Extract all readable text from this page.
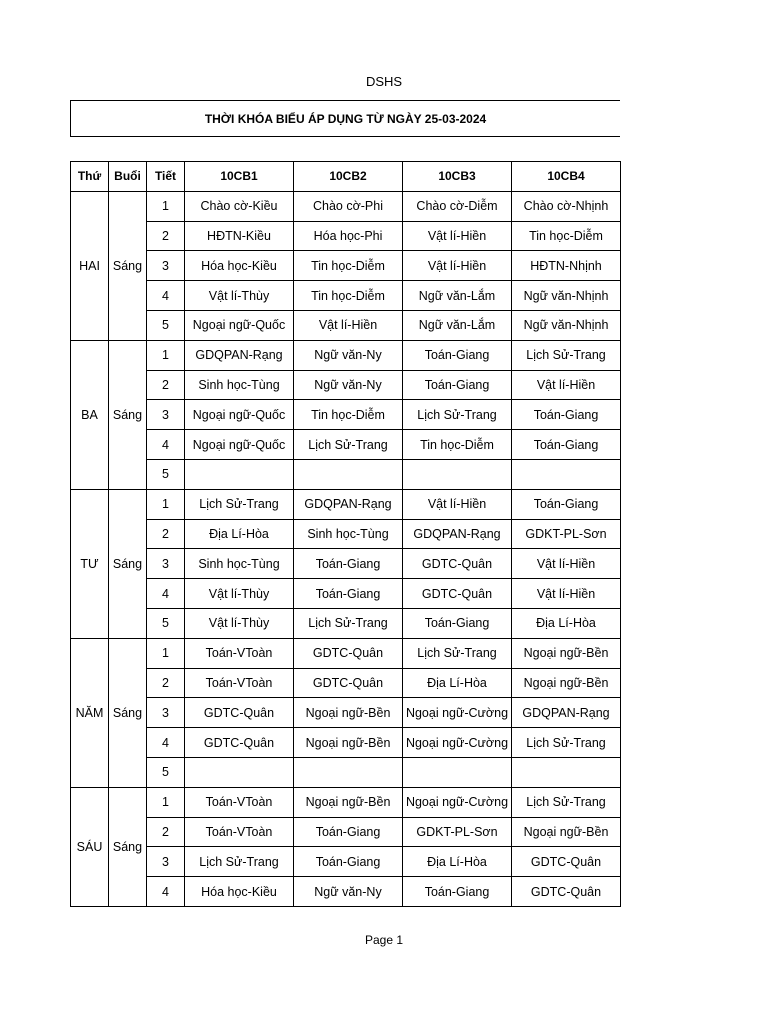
DSHS
THỜI KHÓA BIỂU ÁP DỤNG TỪ NGÀY 25-03-2024
Thứ	Buổi	Tiết	10CB1	10CB2	10CB3	10CB4
HAI	Sáng	1	Chào cờ-Kiều	Chào cờ-Phi	Chào cờ-Diễm	Chào cờ-Nhịnh
		2	HĐTN-Kiều	Hóa học-Phi	Vật lí-Hiền	Tin học-Diễm
		3	Hóa học-Kiều	Tin học-Diễm	Vật lí-Hiền	HĐTN-Nhịnh
		4	Vật lí-Thùy	Tin học-Diễm	Ngữ văn-Lắm	Ngữ văn-Nhịnh
		5	Ngoại ngữ-Quốc	Vật lí-Hiền	Ngữ văn-Lắm	Ngữ văn-Nhịnh
BA	Sáng	1	GDQPAN-Rạng	Ngữ văn-Ny	Toán-Giang	Lịch Sử-Trang
		2	Sinh học-Tùng	Ngữ văn-Ny	Toán-Giang	Vật lí-Hiền
		3	Ngoại ngữ-Quốc	Tin học-Diễm	Lịch Sử-Trang	Toán-Giang
		4	Ngoại ngữ-Quốc	Lịch Sử-Trang	Tin học-Diễm	Toán-Giang
		5				
TƯ	Sáng	1	Lịch Sử-Trang	GDQPAN-Rạng	Vật lí-Hiền	Toán-Giang
		2	Địa Lí-Hòa	Sinh học-Tùng	GDQPAN-Rạng	GDKT-PL-Sơn
		3	Sinh học-Tùng	Toán-Giang	GDTC-Quân	Vật lí-Hiền
		4	Vật lí-Thùy	Toán-Giang	GDTC-Quân	Vật lí-Hiền
		5	Vật lí-Thùy	Lịch Sử-Trang	Toán-Giang	Địa Lí-Hòa
NĂM	Sáng	1	Toán-VToàn	GDTC-Quân	Lịch Sử-Trang	Ngoại ngữ-Bền
		2	Toán-VToàn	GDTC-Quân	Địa Lí-Hòa	Ngoại ngữ-Bền
		3	GDTC-Quân	Ngoại ngữ-Bền	Ngoại ngữ-Cường	GDQPAN-Rạng
		4	GDTC-Quân	Ngoại ngữ-Bền	Ngoại ngữ-Cường	Lịch Sử-Trang
		5				
SÁU	Sáng	1	Toán-VToàn	Ngoại ngữ-Bền	Ngoại ngữ-Cường	Lịch Sử-Trang
		2	Toán-VToàn	Toán-Giang	GDKT-PL-Sơn	Ngoại ngữ-Bền
		3	Lịch Sử-Trang	Toán-Giang	Địa Lí-Hòa	GDTC-Quân
		4	Hóa học-Kiều	Ngữ văn-Ny	Toán-Giang	GDTC-Quân
Page 1
